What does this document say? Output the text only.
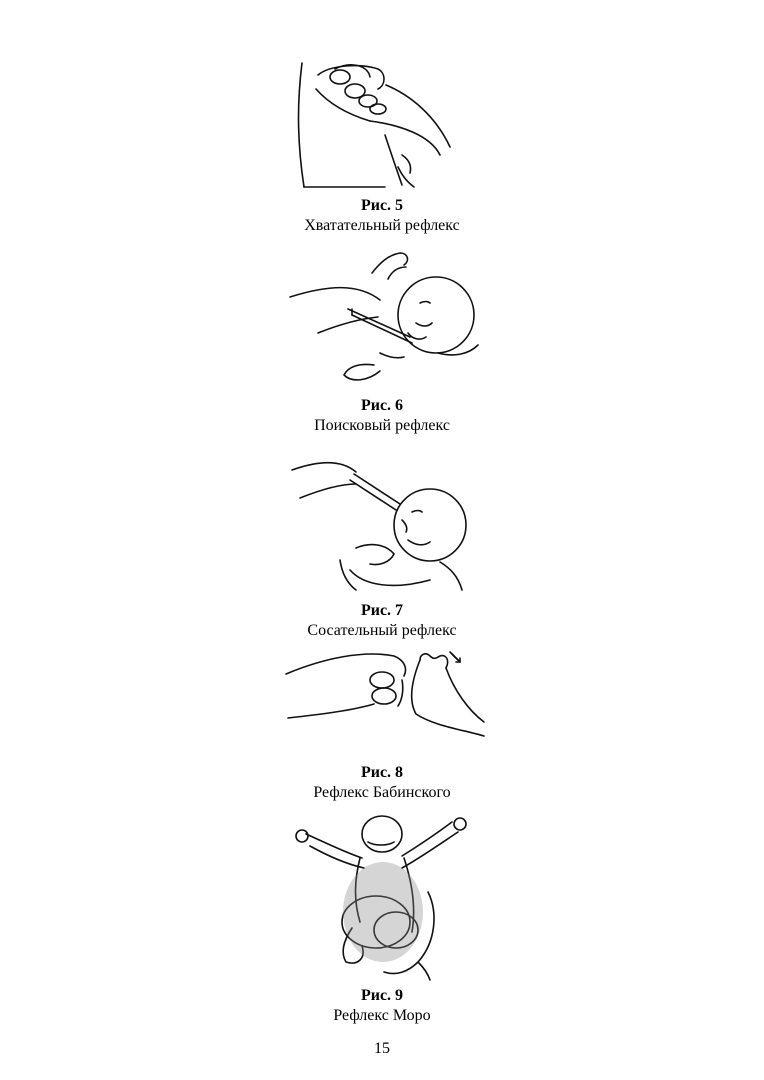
Рис. 5
Хватательный рефлекс
Рис. 6
Поисковый рефлекс
Рис. 7
Сосательный рефлекс
Рис. 8
Рефлекс Бабинского
Рис. 9
Рефлекс Моро
15
